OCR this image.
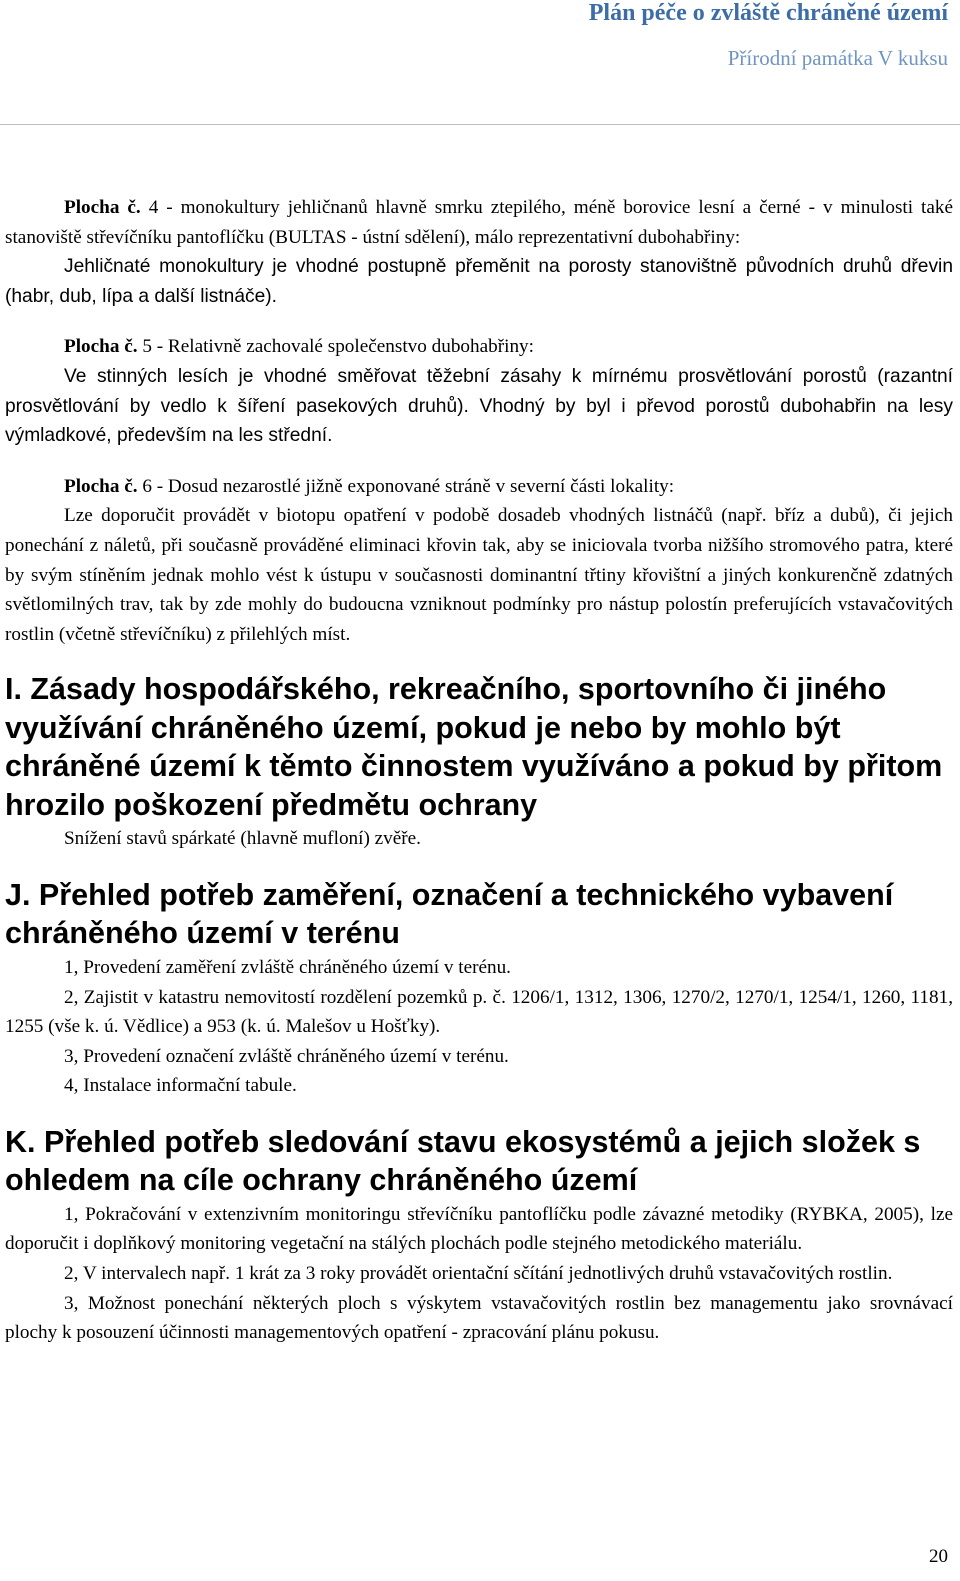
Plán péče o zvláště chráněné území
Přírodní památka V kuksu

Plocha č. 4 - monokultury jehličnanů hlavně smrku ztepilého, méně borovice lesní a černé - v minulosti také stanoviště střevíčníku pantoflíčku (BULTAS - ústní sdělení), málo reprezentativní dubohabřiny:

Jehličnaté monokultury je vhodné postupně přeměnit na porosty stanovištně původních druhů dřevin (habr, dub, lípa a další listnáče).

Plocha č. 5 - Relativně zachovalé společenstvo dubohabřiny:

Ve stinných lesích je vhodné směřovat těžební zásahy k mírnému prosvětlování porostů (razantní prosvětlování by vedlo k šíření pasekových druhů). Vhodný by byl i převod porostů dubohabřin na lesy výmladkové, především na les střední.

Plocha č. 6 - Dosud nezarostlé jižně exponované stráně v severní části lokality:

Lze doporučit provádět v biotopu opatření v podobě dosadeb vhodných listnáčů (např. bříz a dubů), či jejich ponechání z náletů, při současně prováděné eliminaci křovin tak, aby se iniciovala tvorba nižšího stromového patra, které by svým stíněním jednak mohlo vést k ústupu v současnosti dominantní třtiny křovištní a jiných konkurenčně zdatných světlomilných trav, tak by zde mohly do budoucna vzniknout podmínky pro nástup polostín preferujících vstavačovitých rostlin (včetně střevíčníku) z přilehlých míst.

I. Zásady hospodářského, rekreačního, sportovního či jiného využívání chráněného území, pokud je nebo by mohlo být chráněné území k těmto činnostem využíváno a pokud by přitom hrozilo poškození předmětu ochrany

Snížení stavů spárkaté (hlavně mufloní) zvěře.

J. Přehled potřeb zaměření, označení a technického vybavení chráněného území v terénu

1, Provedení zaměření zvláště chráněného území v terénu.

2, Zajistit v katastru nemovitostí rozdělení pozemků p. č. 1206/1, 1312, 1306, 1270/2, 1270/1, 1254/1, 1260, 1181, 1255 (vše k. ú. Vědlice) a 953 (k. ú. Malešov u Hošťky).

3, Provedení označení zvláště chráněného území v terénu.

4, Instalace informační tabule.

K. Přehled potřeb sledování stavu ekosystémů a jejich složek s ohledem na cíle ochrany chráněného území

1, Pokračování v extenzivním monitoringu střevíčníku pantoflíčku podle závazné metodiky (RYBKA, 2005), lze doporučit i doplňkový monitoring vegetační na stálých plochách podle stejného metodického materiálu.

2, V intervalech např. 1 krát za 3 roky provádět orientační sčítání jednotlivých druhů vstavačovitých rostlin.

3, Možnost ponechání některých ploch s výskytem vstavačovitých rostlin bez managementu jako srovnávací plochy k posouzení účinnosti managementových opatření - zpracování plánu pokusu.

20
